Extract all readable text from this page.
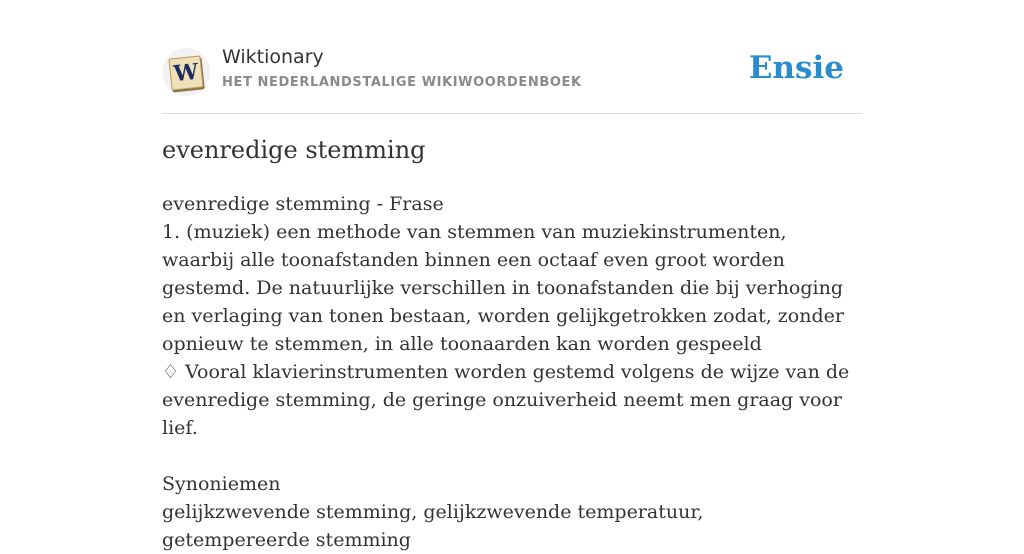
W
Wiktionary
HET NEDERLANDSTALIGE WIKIWOORDENBOEK	Ensie
evenredige stemming

evenredige stemming - Frase

1. (muziek) een methode van stemmen van muziekinstrumenten, waarbij alle toonafstanden binnen een octaaf even groot worden gestemd. De natuurlijke verschillen in toonafstanden die bij verhoging en verlaging van tonen bestaan, worden gelijkgetrokken zodat, zonder opnieuw te stemmen, in alle toonaarden kan worden gespeeld

♢ Vooral klavierinstrumenten worden gestemd volgens de wijze van de evenredige stemming, de geringe onzuiverheid neemt men graag voor lief.

Synoniemen

gelijkzwevende stemming, gelijkzwevende temperatuur, getempereerde stemming
